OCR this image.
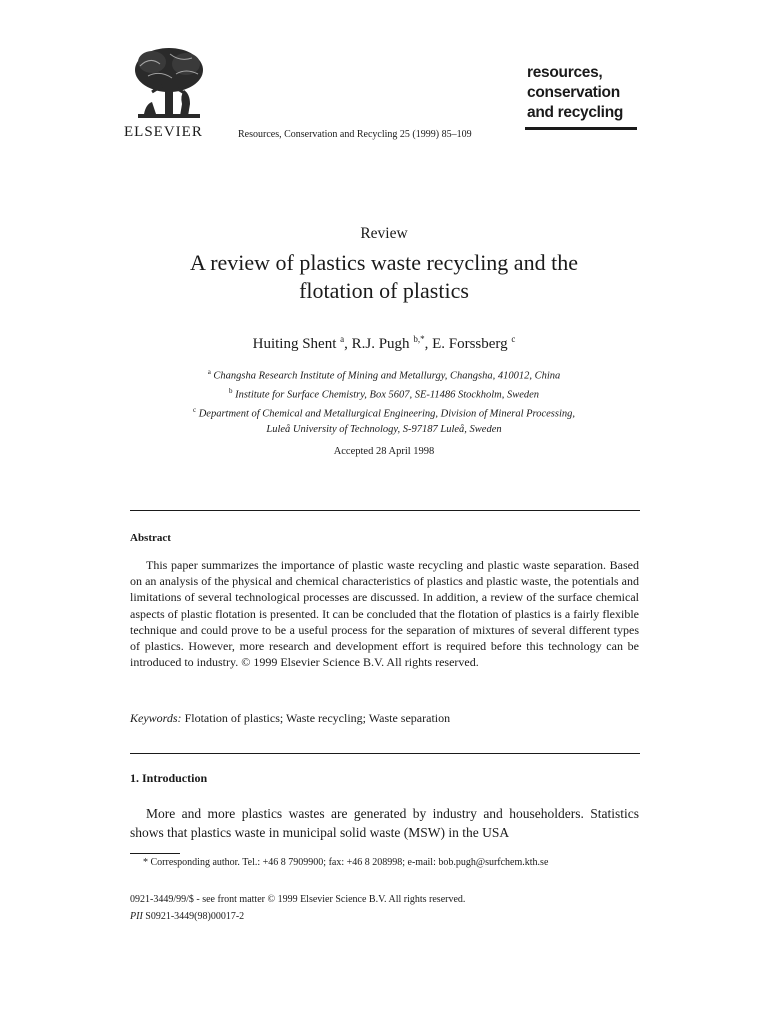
ELSEVIER	Resources, Conservation and Recycling 25 (1999) 85–109
resources,
conservation
and recycling
Review
A review of plastics waste recycling and the
flotation of plastics
Huiting Shent $^a$, R.J. Pugh $^{b,*}$, E. Forssberg $^c$
$^a$ Changsha Research Institute of Mining and Metallurgy, Changsha, 410012, China
$^b$ Institute for Surface Chemistry, Box 5607, SE-11486 Stockholm, Sweden
$^c$ Department of Chemical and Metallurgical Engineering, Division of Mineral Processing,
Luleå University of Technology, S-97187 Luleå, Sweden
Accepted 28 April 1998
Abstract
This paper summarizes the importance of plastic waste recycling and plastic waste separation. Based on an analysis of the physical and chemical characteristics of plastics and plastic waste, the potentials and limitations of several technological processes are discussed. In addition, a review of the surface chemical aspects of plastic flotation is presented. It can be concluded that the flotation of plastics is a fairly flexible technique and could prove to be a useful process for the separation of mixtures of several different types of plastics. However, more research and development effort is required before this technology can be introduced to industry. © 1999 Elsevier Science B.V. All rights reserved.
Keywords: Flotation of plastics; Waste recycling; Waste separation
1. Introduction
More and more plastics wastes are generated by industry and householders. Statistics shows that plastics waste in municipal solid waste (MSW) in the USA
* Corresponding author. Tel.: +46 8 7909900; fax: +46 8 208998; e-mail: bob.pugh@surfchem.kth.se
0921-3449/99/$ - see front matter © 1999 Elsevier Science B.V. All rights reserved.
PII S0921-3449(98)00017-2
